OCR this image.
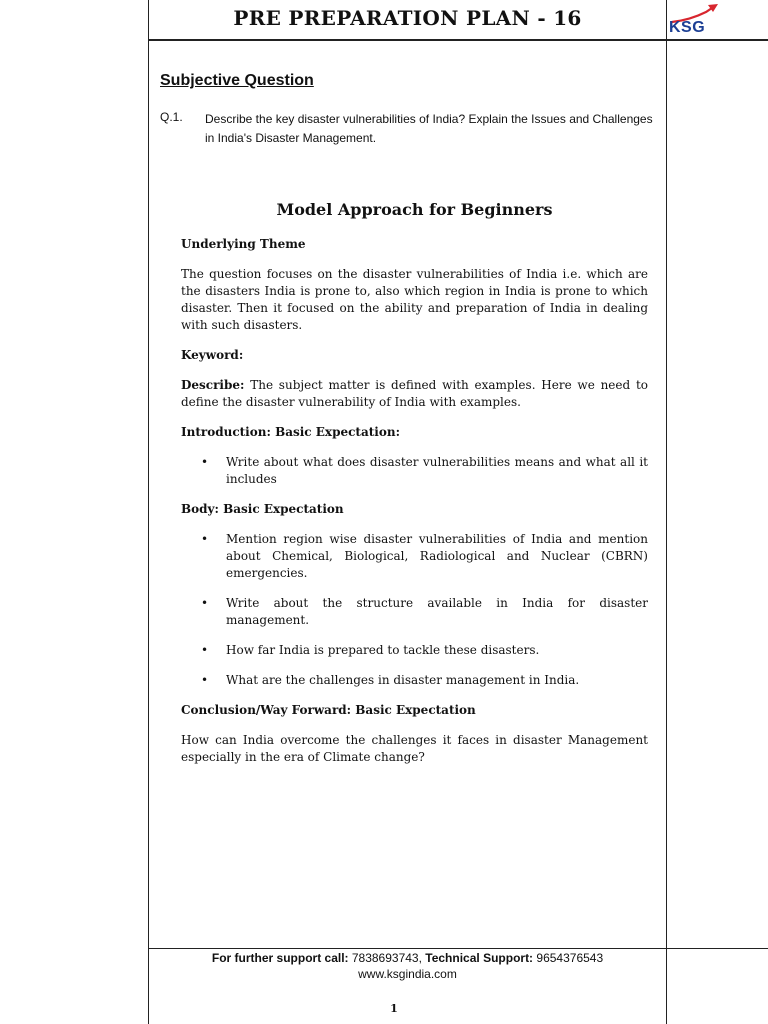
PRE PREPARATION PLAN - 16	KSG
Subjective Question
Q.1. Describe the key disaster vulnerabilities of India? Explain the Issues and Challenges in India's Disaster Management.
Model Approach for Beginners

Underlying Theme

The question focuses on the disaster vulnerabilities of India i.e. which are the disasters India is prone to, also which region in India is prone to which disaster. Then it focused on the ability and preparation of India in dealing with such disasters.

Keyword:

Describe: The subject matter is defined with examples. Here we need to define the disaster vulnerability of India with examples.

Introduction: Basic Expectation:

• Write about what does disaster vulnerabilities means and what all it includes

Body: Basic Expectation

• Mention region wise disaster vulnerabilities of India and mention about Chemical, Biological, Radiological and Nuclear (CBRN) emergencies.
• Write about the structure available in India for disaster management.
• How far India is prepared to tackle these disasters.
• What are the challenges in disaster management in India.

Conclusion/Way Forward: Basic Expectation

How can India overcome the challenges it faces in disaster Management especially in the era of Climate change?

For further support call: 7838693743, Technical Support: 9654376543
www.ksgindia.com
1
